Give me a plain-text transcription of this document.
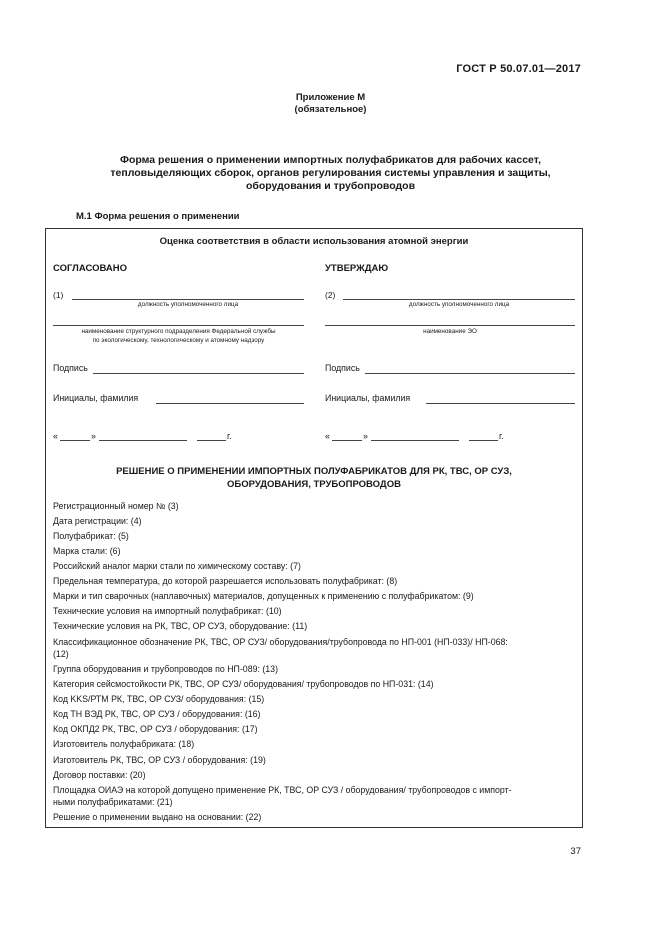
ГОСТ Р 50.07.01—2017
Приложение М
(обязательное)
Форма решения о применении импортных полуфабрикатов для рабочих кассет,
тепловыделяющих сборок, органов регулирования системы управления и защиты,
оборудования и трубопроводов
М.1 Форма решения о применении
Оценка соответствия в области использования атомной энергии
СОГЛАСОВАНО
(1)
должность уполномоченного лица
наименование структурного подразделения Федеральной службы
по экологическому, технологическому и атомному надзору
Подпись
Инициалы, фамилия
«	»	г.
УТВЕРЖДАЮ
(2)
должность уполномоченного лица
наименование ЭО
Подпись
Инициалы, фамилия
«	»	г.
РЕШЕНИЕ О ПРИМЕНЕНИИ ИМПОРТНЫХ ПОЛУФАБРИКАТОВ ДЛЯ РК, ТВС, ОР СУЗ,
ОБОРУДОВАНИЯ, ТРУБОПРОВОДОВ
Регистрационный номер № (3)
Дата регистрации: (4)
Полуфабрикат: (5)
Марка стали: (6)
Российский аналог марки стали по химическому составу: (7)
Предельная температура, до которой разрешается использовать полуфабрикат: (8)
Марки и тип сварочных (наплавочных) материалов, допущенных к применению с полуфабрикатом: (9)
Технические условия на импортный полуфабрикат: (10)
Технические условия на РК, ТВС, ОР СУЗ, оборудование: (11)
Классификационное обозначение РК, ТВС, ОР СУЗ/ оборудования/трубопровода по НП-001 (НП-033)/ НП-068:
(12)
Группа оборудования и трубопроводов по НП-089: (13)
Категория сейсмостойкости РК, ТВС, ОР СУЗ/ оборудования/ трубопроводов по НП-031: (14)
Код KKS/РТМ РК, ТВС, ОР СУЗ/ оборудования: (15)
Код ТН ВЭД РК, ТВС, ОР СУЗ / оборудования: (16)
Код ОКПД2 РК, ТВС, ОР СУЗ / оборудования: (17)
Изготовитель полуфабриката: (18)
Изготовитель РК, ТВС, ОР СУЗ / оборудования: (19)
Договор поставки: (20)
Площадка ОИАЭ на которой допущено применение РК, ТВС, ОР СУЗ / оборудования/ трубопроводов с импорт-
ными полуфабрикатами: (21)
Решение о применении выдано на основании: (22)
37
